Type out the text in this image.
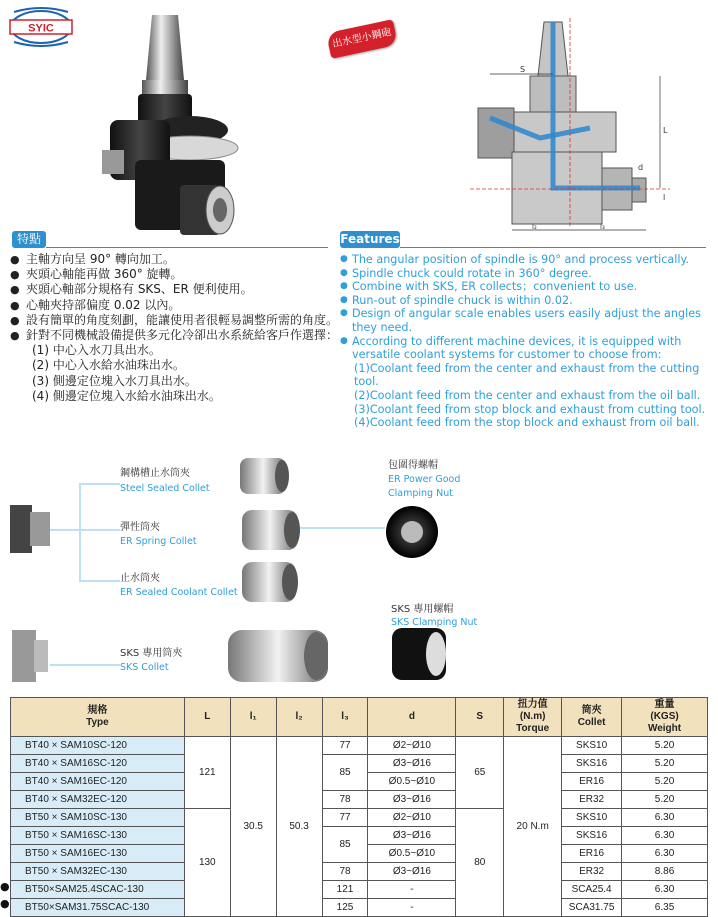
SYIC	出水型小鋼砲
S
L
d
l
l₂	l₃
特點	Features
● 主軸方向呈 90° 轉向加工。
● 夾頭心軸能再做 360° 旋轉。
● 夾頭心軸部分規格有 SKS、ER 便利使用。
● 心軸夾持部偏度 0.02 以內。
● 設有簡單的角度刻劃，能讓使用者很輕易調整所需的角度。
● 針對不同機械設備提供多元化冷卻出水系統給客戶作選擇：
(1) 中心入水刀具出水。
(2) 中心入水給水油珠出水。
(3) 側邊定位塊入水刀具出水。
(4) 側邊定位塊入水給水油珠出水。
● The angular position of spindle is 90° and process vertically.
● Spindle chuck could rotate in 360° degree.
● Combine with SKS, ER collects；convenient to use.
● Run-out of spindle chuck is within 0.02.
● Design of angular scale enables users easily adjust the angles they need.
● According to different machine devices, it is equipped with versatile coolant systems for customer to choose from:
(1)Coolant feed from the center and exhaust from the cutting tool.
(2)Coolant feed from the center and exhaust from the oil ball.
(3)Coolant feed from stop block and exhaust from cutting tool.
(4)Coolant feed from the stop block and exhaust from oil ball.
鋼構槽止水筒夾
Steel Sealed Collet
彈性筒夾
ER Spring Collet
止水筒夾
ER Sealed Coolant Collet
包圍得螺帽
ER Power Good
Clamping Nut
SKS 專用螺帽
SKS Clamping Nut
SKS 專用筒夾
SKS Collet
規格
Type	L	l₁	l₂	l₃	d	S	扭力值
(N.m)
Torque	筒夾
Collet	重量
(KGS)
Weight
BT40 × SAM10SC-120	121	30.5	50.3	77	Ø2~Ø10	65	20 N.m	SKS10	5.20
BT40 × SAM16SC-120				85	Ø3~Ø16			SKS16	5.20
BT40 × SAM16EC-120					Ø0.5~Ø10			ER16	5.20
BT40 × SAM32EC-120				78	Ø3~Ø16			ER32	5.20
BT50 × SAM10SC-130	130			77	Ø2~Ø10	80		SKS10	6.30
BT50 × SAM16SC-130				85	Ø3~Ø16			SKS16	6.30
BT50 × SAM16EC-130					Ø0.5~Ø10			ER16	6.30
BT50 × SAM32EC-130				78	Ø3~Ø16			ER32	8.86
BT50×SAM25.4SCAC-130				121	-			SCA25.4	6.30
BT50×SAM31.75SCAC-130				125	-			SCA31.75	6.35
●
●
